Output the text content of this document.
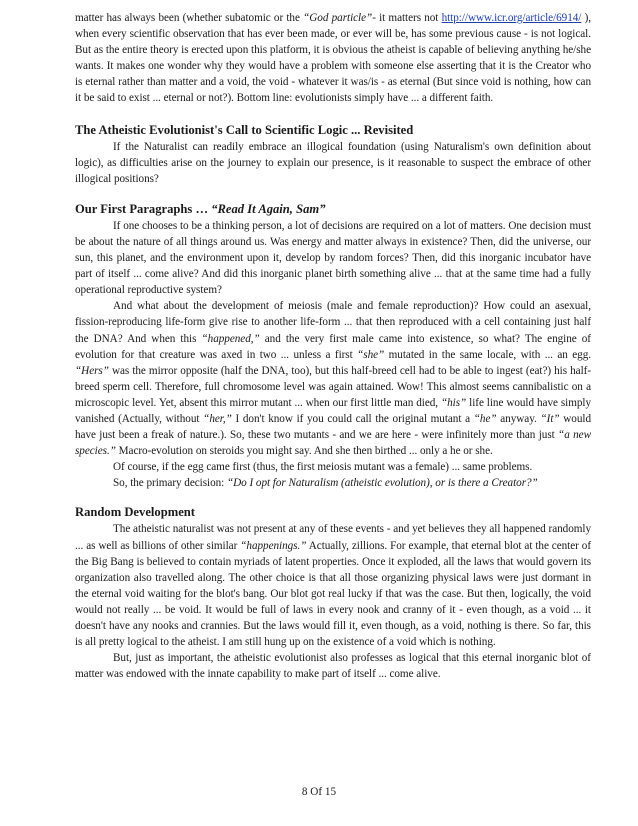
matter has always been (whether subatomic or the “God particle”- it matters not http://www.icr.org/article/6914/ ), when every scientific observation that has ever been made, or ever will be, has some previous cause - is not logical. But as the entire theory is erected upon this platform, it is obvious the atheist is capable of believing anything he/she wants. It makes one wonder why they would have a problem with someone else asserting that it is the Creator who is eternal rather than matter and a void, the void - whatever it was/is - as eternal (But since void is nothing, how can it be said to exist ... eternal or not?). Bottom line: evolutionists simply have ... a different faith.

The Atheistic Evolutionist's Call to Scientific Logic ... Revisited

If the Naturalist can readily embrace an illogical foundation (using Naturalism's own definition about logic), as difficulties arise on the journey to explain our presence, is it reasonable to suspect the embrace of other illogical positions?

Our First Paragraphs … “Read It Again, Sam”

If one chooses to be a thinking person, a lot of decisions are required on a lot of matters. One decision must be about the nature of all things around us. Was energy and matter always in existence? Then, did the universe, our sun, this planet, and the environment upon it, develop by random forces? Then, did this inorganic incubator have part of itself ... come alive? And did this inorganic planet birth something alive ... that at the same time had a fully operational reproductive system?

And what about the development of meiosis (male and female reproduction)? How could an asexual, fission-reproducing life-form give rise to another life-form ... that then reproduced with a cell containing just half the DNA? And when this “happened,” and the very first male came into existence, so what? The engine of evolution for that creature was axed in two ... unless a first “she” mutated in the same locale, with ... an egg. “Hers” was the mirror opposite (half the DNA, too), but this half-breed cell had to be able to ingest (eat?) his half-breed sperm cell. Therefore, full chromosome level was again attained. Wow! This almost seems cannibalistic on a microscopic level. Yet, absent this mirror mutant ... when our first little man died, “his” life line would have simply vanished (Actually, without “her,” I don't know if you could call the original mutant a “he” anyway. “It” would have just been a freak of nature.). So, these two mutants - and we are here - were infinitely more than just “a new species.” Macro-evolution on steroids you might say. And she then birthed ... only a he or she.

Of course, if the egg came first (thus, the first meiosis mutant was a female) ... same problems.

So, the primary decision: “Do I opt for Naturalism (atheistic evolution), or is there a Creator?”

Random Development

The atheistic naturalist was not present at any of these events - and yet believes they all happened randomly ... as well as billions of other similar “happenings.” Actually, zillions. For example, that eternal blot at the center of the Big Bang is believed to contain myriads of latent properties. Once it exploded, all the laws that would govern its organization also travelled along. The other choice is that all those organizing physical laws were just dormant in the eternal void waiting for the blot's bang. Our blot got real lucky if that was the case. But then, logically, the void would not really ... be void. It would be full of laws in every nook and cranny of it - even though, as a void ... it doesn't have any nooks and crannies. But the laws would fill it, even though, as a void, nothing is there. So far, this is all pretty logical to the atheist. I am still hung up on the existence of a void which is nothing.

But, just as important, the atheistic evolutionist also professes as logical that this eternal inorganic blot of matter was endowed with the innate capability to make part of itself ... come alive.

8 Of 15
